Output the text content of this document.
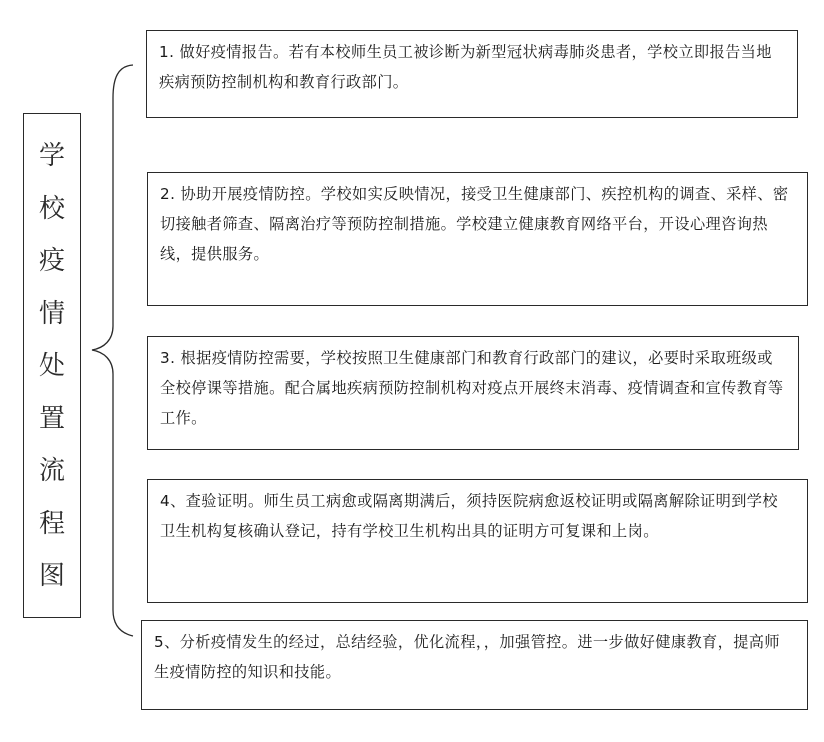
学
校
疫
情
处
置
流
程
图

1. 做好疫情报告。若有本校师生员工被诊断为新型冠状病毒肺炎患者，学校立即报告当地疾病预防控制机构和教育行政部门。

2. 协助开展疫情防控。学校如实反映情况，接受卫生健康部门、疾控机构的调查、采样、密切接触者筛查、隔离治疗等预防控制措施。学校建立健康教育网络平台，开设心理咨询热线，提供服务。

3. 根据疫情防控需要，学校按照卫生健康部门和教育行政部门的建议，必要时采取班级或全校停课等措施。配合属地疾病预防控制机构对疫点开展终末消毒、疫情调查和宣传教育等工作。

4、查验证明。师生员工病愈或隔离期满后，须持医院病愈返校证明或隔离解除证明到学校卫生机构复核确认登记，持有学校卫生机构出具的证明方可复课和上岗。

5、分析疫情发生的经过，总结经验，优化流程，，加强管控。进一步做好健康教育，提高师生疫情防控的知识和技能。
